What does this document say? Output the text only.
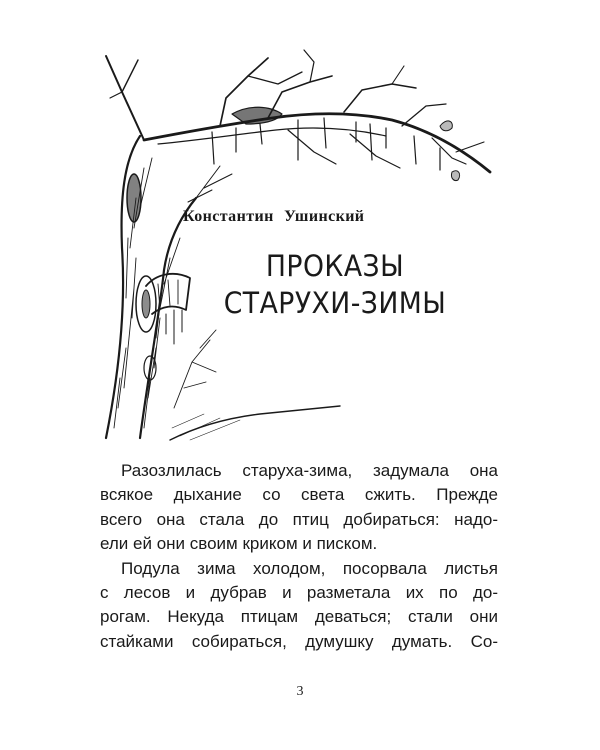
Константин Ушинский
ПРОКАЗЫ
СТАРУХИ-ЗИМЫ

Разозлилась старуха-зима, задумала она
всякое дыхание со света сжить. Прежде
всего она стала до птиц добираться: надо-
ели ей они своим криком и писком.

Подула зима холодом, посорвала листья
с лесов и дубрав и разметала их по до-
рогам. Некуда птицам деваться; стали они
стайками собираться, думушку думать. Со-

3
